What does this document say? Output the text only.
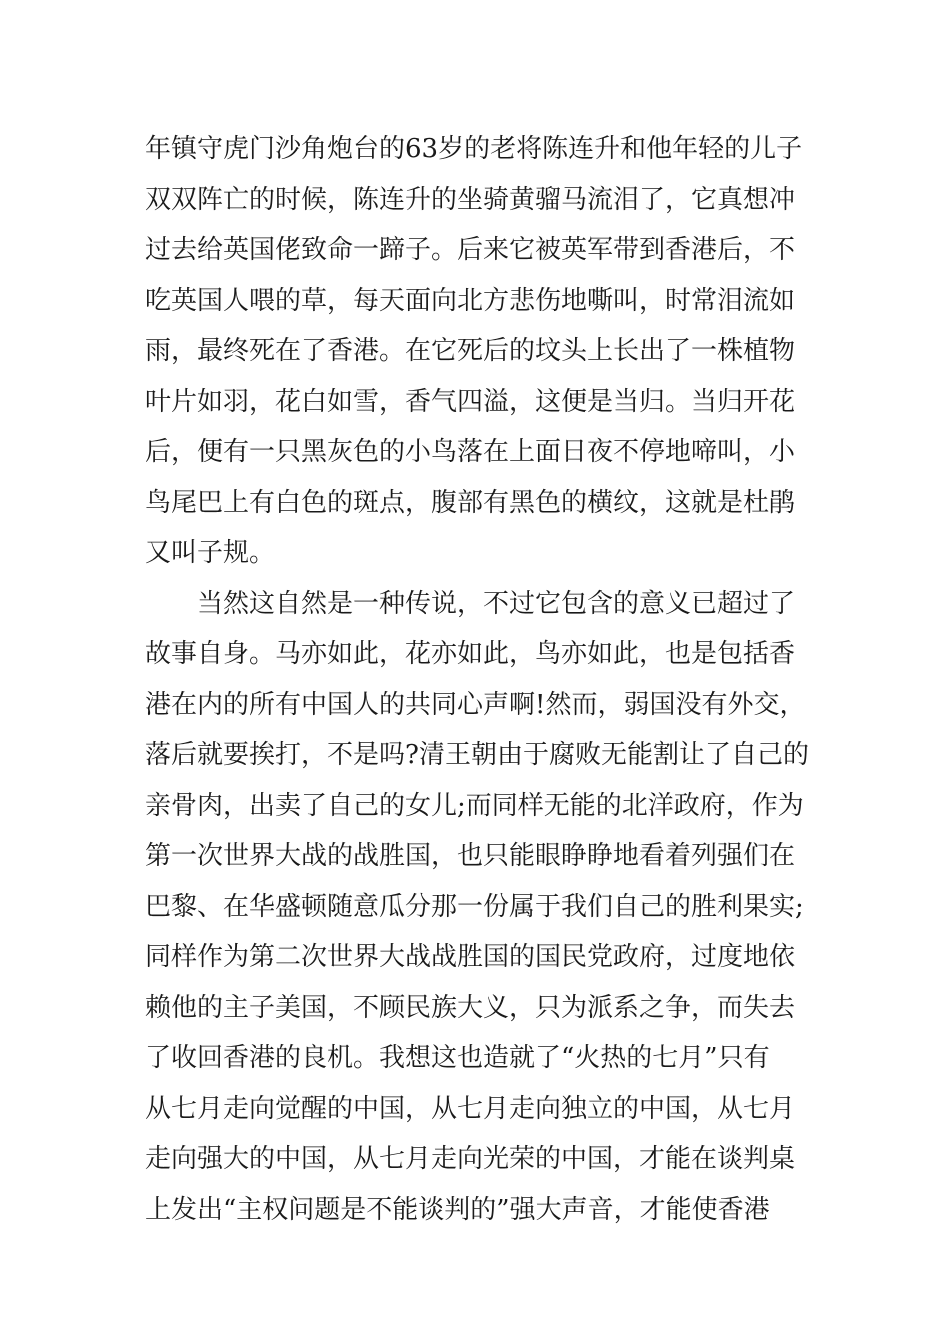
年镇守虎门沙角炮台的63岁的老将陈连升和他年轻的儿子
双双阵亡的时候，陈连升的坐骑黄骝马流泪了，它真想冲
过去给英国佬致命一蹄子。后来它被英军带到香港后，不
吃英国人喂的草，每天面向北方悲伤地嘶叫，时常泪流如
雨，最终死在了香港。在它死后的坟头上长出了一株植物
叶片如羽，花白如雪，香气四溢，这便是当归。当归开花
后，便有一只黑灰色的小鸟落在上面日夜不停地啼叫，小
鸟尾巴上有白色的斑点，腹部有黑色的横纹，这就是杜鹃
又叫子规。
当然这自然是一种传说，不过它包含的意义已超过了
故事自身。马亦如此，花亦如此，鸟亦如此，也是包括香
港在内的所有中国人的共同心声啊!然而，弱国没有外交，
落后就要挨打，不是吗?清王朝由于腐败无能割让了自己的
亲骨肉，出卖了自己的女儿;而同样无能的北洋政府，作为
第一次世界大战的战胜国，也只能眼睁睁地看着列强们在
巴黎、在华盛顿随意瓜分那一份属于我们自己的胜利果实;
同样作为第二次世界大战战胜国的国民党政府，过度地依
赖他的主子美国，不顾民族大义，只为派系之争，而失去
了收回香港的良机。我想这也造就了“火热的七月”只有
从七月走向觉醒的中国，从七月走向独立的中国，从七月
走向强大的中国，从七月走向光荣的中国，才能在谈判桌
上发出“主权问题是不能谈判的”强大声音，才能使香港
